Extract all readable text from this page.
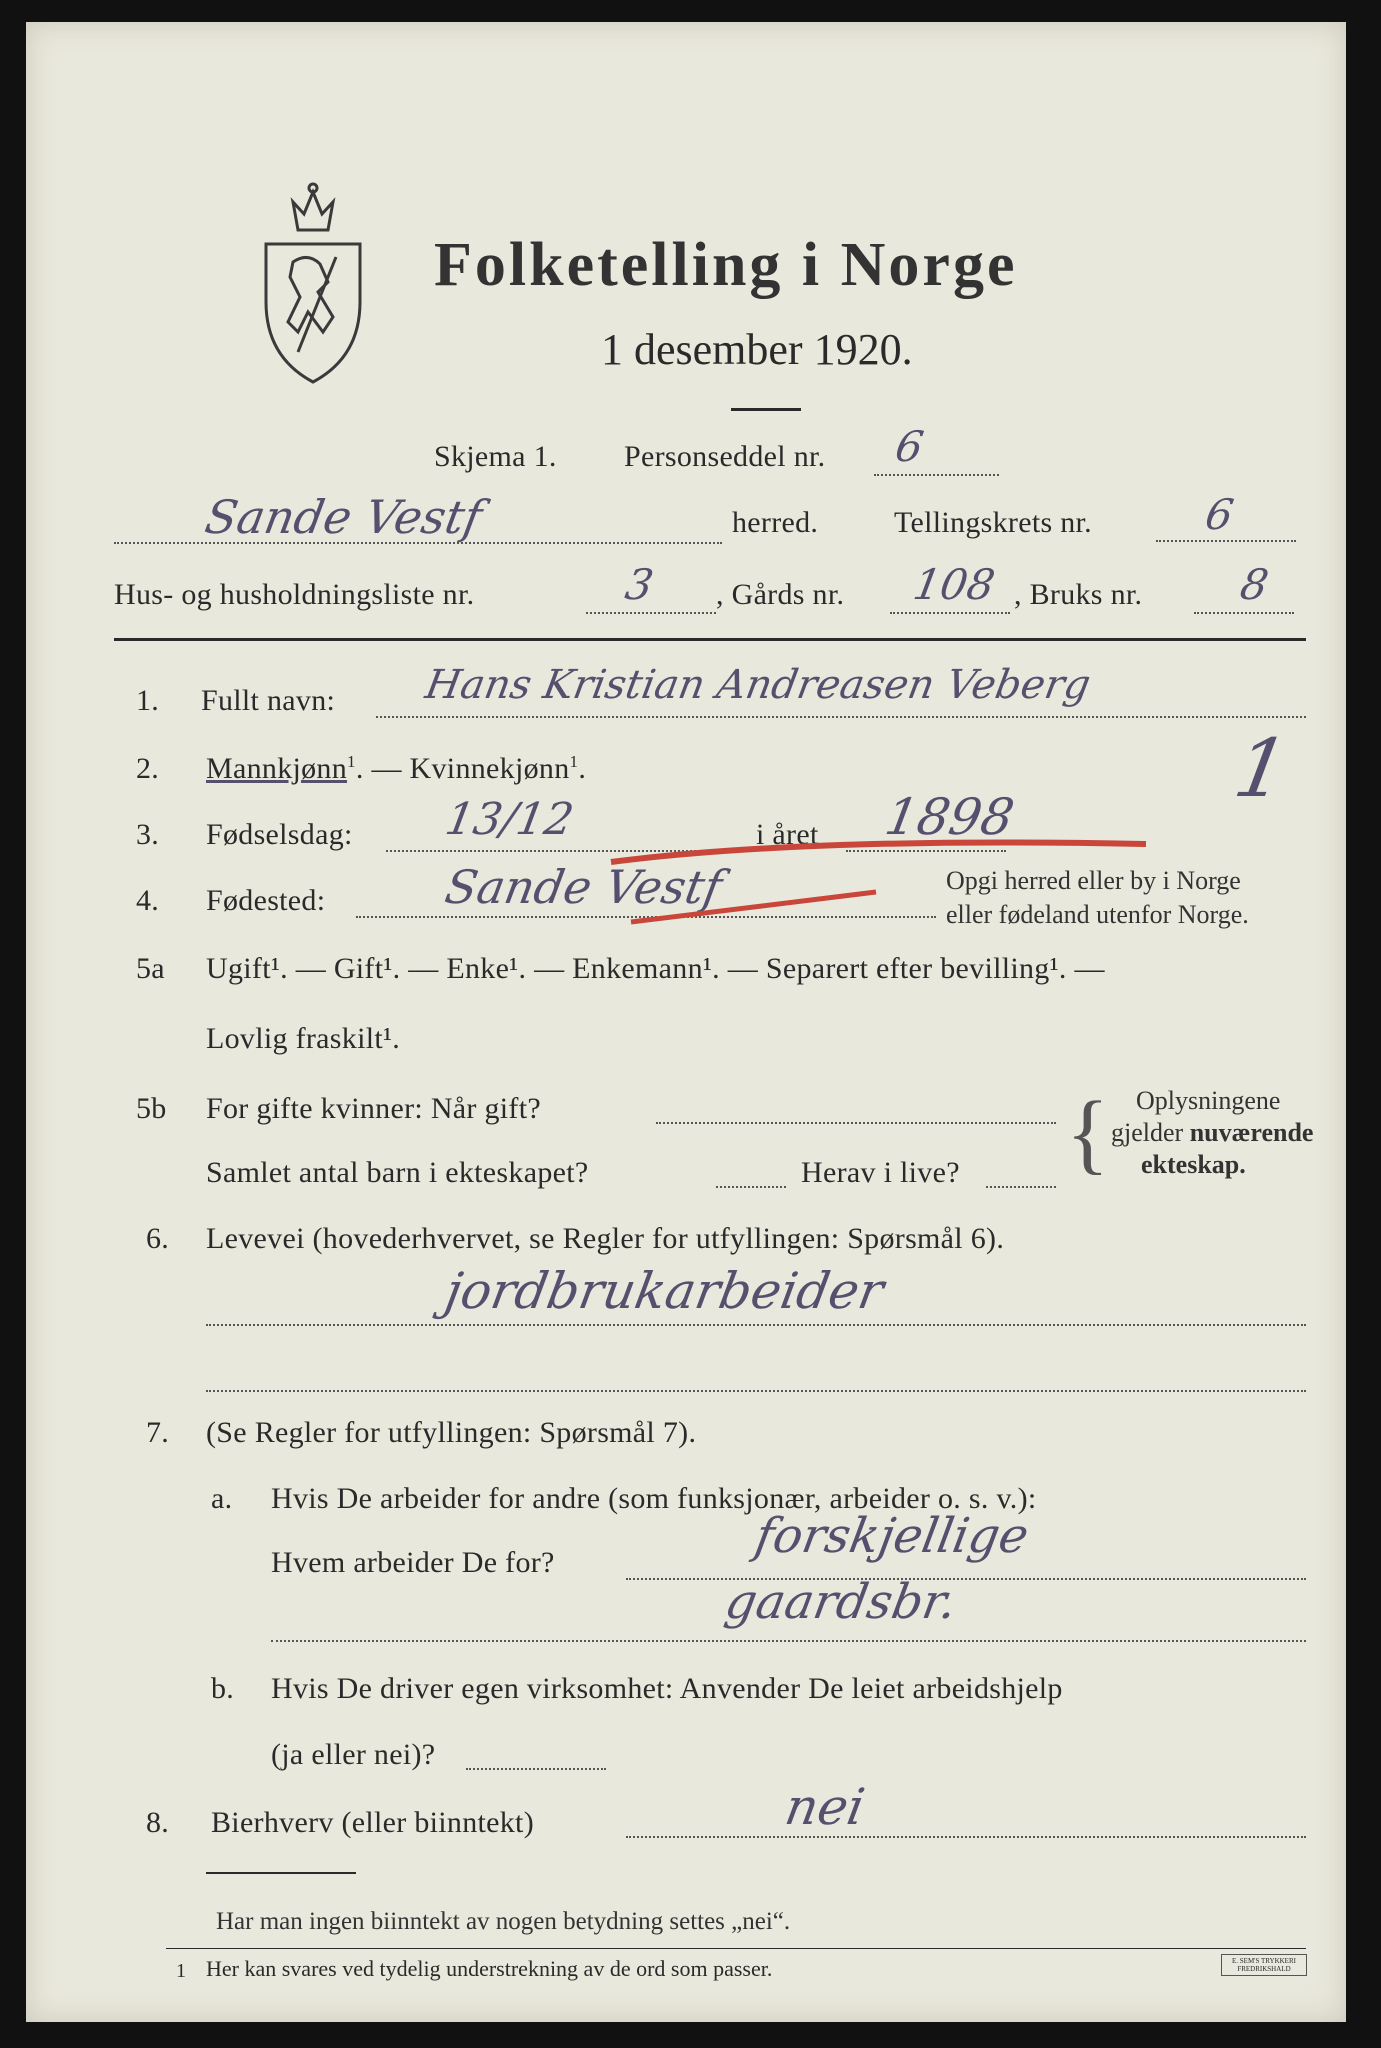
Folketelling i Norge
1 desember 1920.
Skjema 1. Personseddel nr. 6
Sande Vestf	herred.	Tellingskrets nr.	6
Hus- og husholdningsliste nr.	3 , Gårds nr. 108 , Bruks nr. 8
1. Fullt navn: Hans Kristian Andreasen Veberg
1
2. Mannkjønn$^1$. — Kvinnekjønn$^1$.
3. Fødselsdag: 13/12	i året 1898
4. Fødested:	Sande Vestf	Opgi herred eller by i Norge
eller fødeland utenfor Norge.
5a Ugift¹. — Gift¹. — Enke¹. — Enkemann¹. — Separert efter bevilling¹. —
Lovlig fraskilt¹.
5b For gifte kvinner: Når gift?
Samlet antal barn i ekteskapet?	Herav i live? { Oplysningene
gjelder nuværende
ekteskap.
6. Levevei (hovederhvervet, se Regler for utfyllingen: Spørsmål 6).
jordbrukarbeider
7. (Se Regler for utfyllingen: Spørsmål 7).
a. Hvis De arbeider for andre (som funksjonær, arbeider o. s. v.):
Hvem arbeider De for?	forskjellige
gaardsbr.
b. Hvis De driver egen virksomhet: Anvender De leiet arbeidshjelp
(ja eller nei)?
8. Bierhverv (eller biinntekt)	nei
Har man ingen biinntekt av nogen betydning settes „nei“.
1 Her kan svares ved tydelig understrekning av de ord som passer.	E. SEM'S TRYKKERI FREDRIKSHALD
